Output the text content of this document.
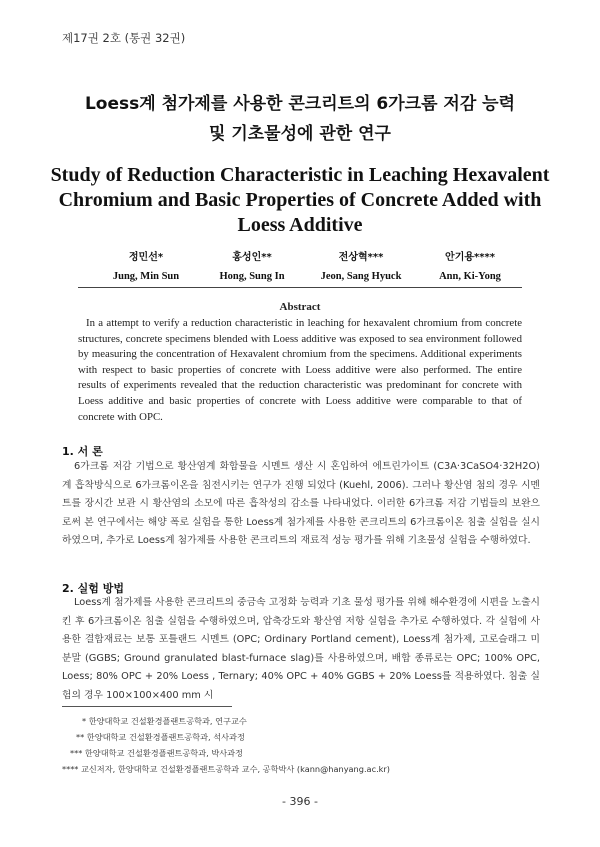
제17권 2호 (통권 32권)
Loess계 첨가제를 사용한 콘크리트의 6가크롬 저감 능력
및 기초물성에 관한 연구
Study of Reduction Characteristic in Leaching Hexavalent
Chromium and Basic Properties of Concrete Added with
Loess Additive
정민선*
Jung, Min Sun
홍성인**
Hong, Sung In
전상혁***
Jeon, Sang Hyuck
안기용****
Ann, Ki-Yong
Abstract
In a attempt to verify a reduction characteristic in leaching for hexavalent chromium from concrete structures, concrete specimens blended with Loess additive was exposed to sea environment followed by measuring the concentration of Hexavalent chromium from the specimens. Additional experiments with respect to basic properties of concrete with Loess additive were also performed. The entire results of experiments revealed that the reduction characteristic was predominant for concrete with Loess additive and basic properties of concrete with Loess additive were comparable to that of concrete with OPC.
1. 서 론
6가크롬 저감 기법으로 황산염계 화합물을 시멘트 생산 시 혼입하여 에트린가이트 (C3A·3CaSO4·32H2O) 계 흡착방식으로 6가크롬이온을 침전시키는 연구가 진행 되었다 (Kuehl, 2006). 그러나 황산염 첨의 경우 시멘트를 장시간 보관 시 황산염의 소모에 따른 흡착성의 감소를 나타내었다. 이러한 6가크롬 저감 기법들의 보완으로써 본 연구에서는 해양 폭로 실험을 통한 Loess계 첨가제를 사용한 콘크리트의 6가크롬이온 침출 실험을 실시하였으며, 추가로 Loess계 첨가제를 사용한 콘크리트의 재료적 성능 평가를 위해 기초물성 실험을 수행하였다.
2. 실험 방법
Loess계 첨가제를 사용한 콘크리트의 중금속 고정화 능력과 기초 물성 평가를 위해 해수환경에 시편을 노출시킨 후 6가크롬이온 침출 실험을 수행하였으며, 압축강도와 황산염 저항 실험을 추가로 수행하였다. 각 실험에 사용한 결합재료는 보통 포틀랜드 시멘트 (OPC; Ordinary Portland cement), Loess계 첨가제, 고로슬래그 미분말 (GGBS; Ground granulated blast-furnace slag)를 사용하였으며, 배합 종류로는 OPC; 100% OPC, Loess; 80% OPC + 20% Loess , Ternary; 40% OPC + 40% GGBS + 20% Loess를 적용하였다. 침출 실험의 경우 100×100×400 mm 시
* 한양대학교 건설환경플랜트공학과, 연구교수
** 한양대학교 건설환경플랜트공학과, 석사과정
*** 한양대학교 건설환경플랜트공학과, 박사과정
**** 교신저자, 한양대학교 건설환경플랜트공학과 교수, 공학박사 (kann@hanyang.ac.kr)
- 396 -
